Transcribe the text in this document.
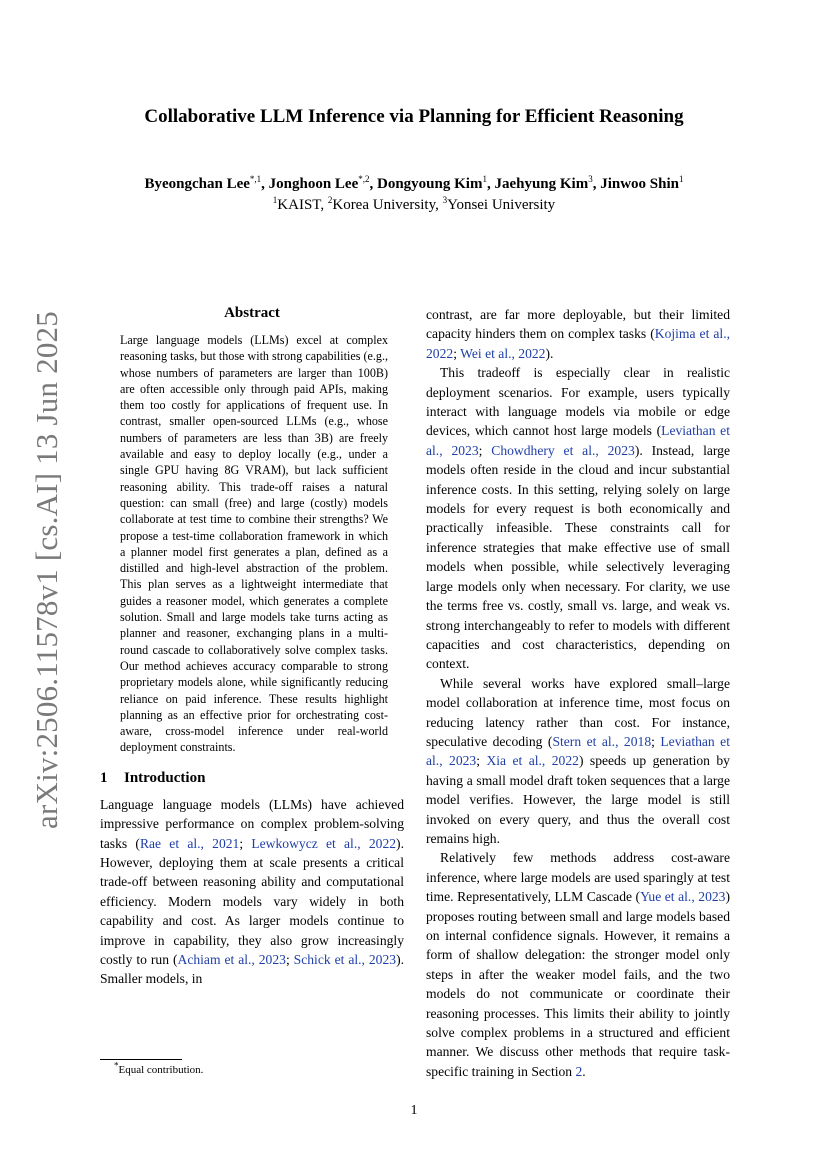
arXiv:2506.11578v1 [cs.AI] 13 Jun 2025
Collaborative LLM Inference via Planning for Efficient Reasoning
Byeongchan Lee$^{*,1}$, Jonghoon Lee$^{*,2}$, Dongyoung Kim$^1$, Jaehyung Kim$^3$, Jinwoo Shin$^1$
$^1$KAIST, $^2$Korea University, $^3$Yonsei University
Abstract

Large language models (LLMs) excel at complex reasoning tasks, but those with strong capabilities (e.g., whose numbers of parameters are larger than 100B) are often accessible only through paid APIs, making them too costly for applications of frequent use. In contrast, smaller open-sourced LLMs (e.g., whose numbers of parameters are less than 3B) are freely available and easy to deploy locally (e.g., under a single GPU having 8G VRAM), but lack sufficient reasoning ability. This trade-off raises a natural question: can small (free) and large (costly) models collaborate at test time to combine their strengths? We propose a test-time collaboration framework in which a planner model first generates a plan, defined as a distilled and high-level abstraction of the problem. This plan serves as a lightweight intermediate that guides a reasoner model, which generates a complete solution. Small and large models take turns acting as planner and reasoner, exchanging plans in a multi-round cascade to collaboratively solve complex tasks. Our method achieves accuracy comparable to strong proprietary models alone, while significantly reducing reliance on paid inference. These results highlight planning as an effective prior for orchestrating cost-aware, cross-model inference under real-world deployment constraints.

1 Introduction

Language language models (LLMs) have achieved impressive performance on complex problem-solving tasks (Rae et al., 2021; Lewkowycz et al., 2022). However, deploying them at scale presents a critical trade-off between reasoning ability and computational efficiency. Modern models vary widely in both capability and cost. As larger models continue to improve in capability, they also grow increasingly costly to run (Achiam et al., 2023; Schick et al., 2023). Smaller models, in

contrast, are far more deployable, but their limited capacity hinders them on complex tasks (Kojima et al., 2022; Wei et al., 2022).

This tradeoff is especially clear in realistic deployment scenarios. For example, users typically interact with language models via mobile or edge devices, which cannot host large models (Leviathan et al., 2023; Chowdhery et al., 2023). Instead, large models often reside in the cloud and incur substantial inference costs. In this setting, relying solely on large models for every request is both economically and practically infeasible. These constraints call for inference strategies that make effective use of small models when possible, while selectively leveraging large models only when necessary. For clarity, we use the terms free vs. costly, small vs. large, and weak vs. strong interchangeably to refer to models with different capacities and cost characteristics, depending on context.

While several works have explored small–large model collaboration at inference time, most focus on reducing latency rather than cost. For instance, speculative decoding (Stern et al., 2018; Leviathan et al., 2023; Xia et al., 2022) speeds up generation by having a small model draft token sequences that a large model verifies. However, the large model is still invoked on every query, and thus the overall cost remains high.

Relatively few methods address cost-aware inference, where large models are used sparingly at test time. Representatively, LLM Cascade (Yue et al., 2023) proposes routing between small and large models based on internal confidence signals. However, it remains a form of shallow delegation: the stronger model only steps in after the weaker model fails, and the two models do not communicate or coordinate their reasoning processes. This limits their ability to jointly solve complex problems in a structured and efficient manner. We discuss other methods that require task-specific training in Section 2.

*Equal contribution.
1
